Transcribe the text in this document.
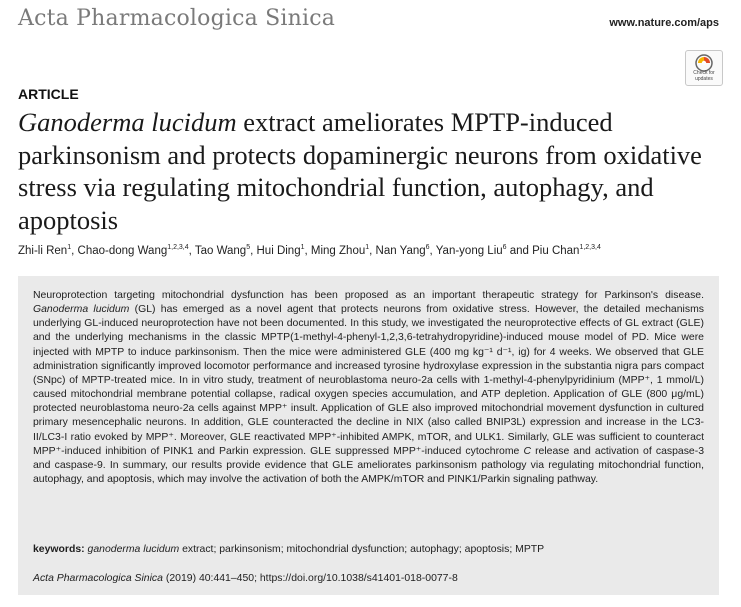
Acta Pharmacologica Sinica	www.nature.com/aps
Check for updates
ARTICLE
Ganoderma lucidum extract ameliorates MPTP-induced parkinsonism and protects dopaminergic neurons from oxidative stress via regulating mitochondrial function, autophagy, and apoptosis
Zhi-li Ren$^1$, Chao-dong Wang$^{1,2,3,4}$, Tao Wang$^5$, Hui Ding$^1$, Ming Zhou$^1$, Nan Yang$^6$, Yan-yong Liu$^6$ and Piu Chan$^{1,2,3,4}$

Neuroprotection targeting mitochondrial dysfunction has been proposed as an important therapeutic strategy for Parkinson's disease. Ganoderma lucidum (GL) has emerged as a novel agent that protects neurons from oxidative stress. However, the detailed mechanisms underlying GL-induced neuroprotection have not been documented. In this study, we investigated the neuroprotective effects of GL extract (GLE) and the underlying mechanisms in the classic MPTP(1-methyl-4-phenyl-1,2,3,6-tetrahydropyridine)-induced mouse model of PD. Mice were injected with MPTP to induce parkinsonism. Then the mice were administered GLE (400 mg kg⁻¹ d⁻¹, ig) for 4 weeks. We observed that GLE administration significantly improved locomotor performance and increased tyrosine hydroxylase expression in the substantia nigra pars compact (SNpc) of MPTP-treated mice. In in vitro study, treatment of neuroblastoma neuro-2a cells with 1-methyl-4-phenylpyridinium (MPP⁺, 1 mmol/L) caused mitochondrial membrane potential collapse, radical oxygen species accumulation, and ATP depletion. Application of GLE (800 μg/mL) protected neuroblastoma neuro-2a cells against MPP⁺ insult. Application of GLE also improved mitochondrial movement dysfunction in cultured primary mesencephalic neurons. In addition, GLE counteracted the decline in NIX (also called BNIP3L) expression and increase in the LC3-II/LC3-I ratio evoked by MPP⁺. Moreover, GLE reactivated MPP⁺-inhibited AMPK, mTOR, and ULK1. Similarly, GLE was sufficient to counteract MPP⁺-induced inhibition of PINK1 and Parkin expression. GLE suppressed MPP⁺-induced cytochrome C release and activation of caspase-3 and caspase-9. In summary, our results provide evidence that GLE ameliorates parkinsonism pathology via regulating mitochondrial function, autophagy, and apoptosis, which may involve the activation of both the AMPK/mTOR and PINK1/Parkin signaling pathway.

keywords: ganoderma lucidum extract; parkinsonism; mitochondrial dysfunction; autophagy; apoptosis; MPTP
Acta Pharmacologica Sinica (2019) 40:441–450; https://doi.org/10.1038/s41401-018-0077-8
